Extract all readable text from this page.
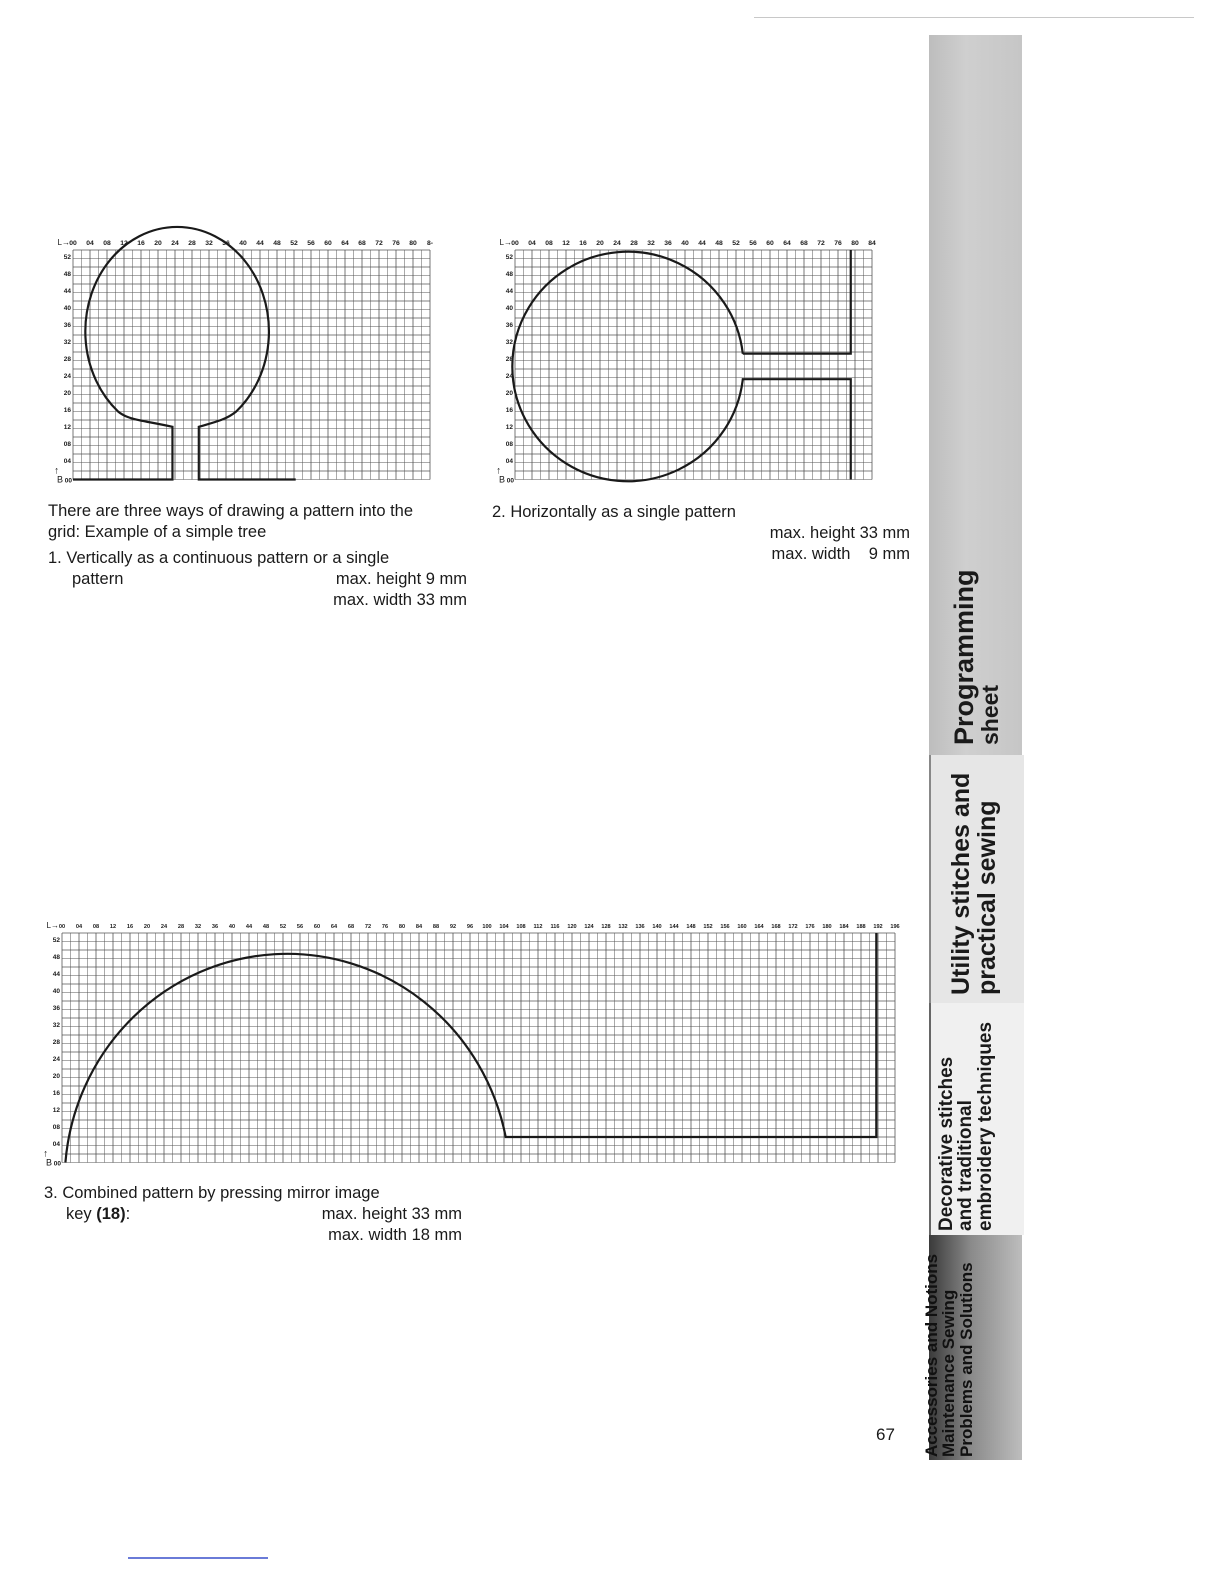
L→ 00 04 08 12 16 20 24 28 32 36 40 44 48 52 56 60 64 68 72 76 80 8-
52
48
44
40
36
32
28
24
20
16
12
08
04
↑
B 00
L→ 00 04 08 12 16 20 24 28 32 36 40 44 48 52 56 60 64 68 72 76 80 84
52
48
44
40
36
32
28
24
20
16
12
08
04
↑
B 00
L→ 00 04 08 12 16 20 24 28 32 36 40 44 48 52 56 60 64 68 72 76 80 84 88 92 96 100 104 108 112 116 120 124 128 132 136 140 144 148 152 156 160 164 168 172 176 180 184 188 192 196
52
48
44
40
36
32
28
24
20
16
12
08
04
↑
B 00
There are three ways of drawing a pattern into the
grid: Example of a simple tree
1. Vertically as a continuous pattern or a single
pattern	max. height 9 mm
max. width 33 mm
2. Horizontally as a single pattern
max. height 33 mm
max. width    9 mm
3. Combined pattern by pressing mirror image
key (18):	max. height 33 mm
max. width 18 mm
Programming
sheet
Utility stitches and
practical sewing
Decorative stitches
and traditional
embroidery techniques
Accessories and Notions
Maintenance Sewing
Problems and Solutions
67
